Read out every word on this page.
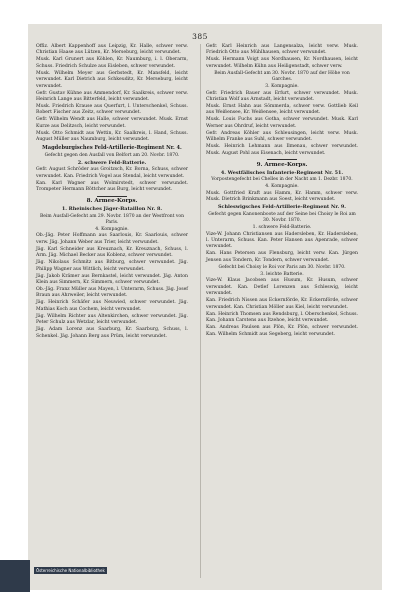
385
Offiz. Albert Kappenhoff aus Leipzig, Kr. Halle, schwer verw. Christian Haase aus Lützen, Kr. Merseburg, leicht verwundet.
Musk. Karl Grunert aus Köhlen, Kr. Naumburg, i. l. Oberarm, Schuss. Friedrich Schulze aus Eisleben, schwer verwundet.
Musk. Wilhelm Meyer aus Gerbstedt, Kr. Mansfeld, leicht verwundet. Karl Dietrich aus Schkeuditz, Kr. Merseburg, leicht verwundet.
Gefr. Gustav Kühne aus Ammendorf, Kr. Saalkreis, schwer verw. Heinrich Lange aus Bitterfeld, leicht verwundet.
Musk. Friedrich Krause aus Querfurt, l. Unterschenkel, Schuss. Robert Fischer aus Zeitz, schwer verwundet.
Gefr. Wilhelm Wendt aus Halle, schwer verwundet. Musk. Ernst Kurze aus Delitzsch, leicht verwundet.
Musk. Otto Schmidt aus Wettin, Kr. Saalkreis, l. Hand, Schuss. August Müller aus Naumburg, leicht verwundet.
Magdeburgisches Feld-Artillerie-Regiment Nr. 4.
Gefecht gegen den Ausfall von Belfort am 20. Novbr. 1870.
2. schwere Feld-Batterie.
Gefr. August Schröder aus Groitzsch, Kr. Borna, Schuss, schwer verwundet. Kan. Friedrich Vogel aus Stendal, leicht verwundet.
Kan. Karl Wagner aus Wolmirstedt, schwer verwundet. Trompeter Hermann Böttcher aus Burg, leicht verwundet.
8. Armee-Korps.
1. Rheinisches Jäger-Bataillon Nr. 8.
Beim Ausfall-Gefecht am 29. Novbr. 1870 an der Westfront von Paris.
4. Kompagnie.
Ob.-Jäg. Peter Hoffmann aus Saarlouis, Kr. Saarlouis, schwer verw. Jäg. Johann Weber aus Trier, leicht verwundet.
Jäg. Karl Schneider aus Kreuznach, Kr. Kreuznach, Schuss, l. Arm. Jäg. Michael Becker aus Koblenz, schwer verwundet.
Jäg. Nikolaus Schmitz aus Bitburg, schwer verwundet. Jäg. Philipp Wagner aus Wittlich, leicht verwundet.
Jäg. Jakob Krämer aus Bernkastel, leicht verwundet. Jäg. Anton Klein aus Simmern, Kr. Simmern, schwer verwundet.
Ob.-Jäg. Franz Müller aus Mayen, l. Unterarm, Schuss. Jäg. Josef Braun aus Ahrweiler, leicht verwundet.
Jäg. Heinrich Schäfer aus Neuwied, schwer verwundet. Jäg. Mathias Koch aus Cochem, leicht verwundet.
Jäg. Wilhelm Richter aus Altenkirchen, schwer verwundet. Jäg. Peter Schulz aus Wetzlar, leicht verwundet.
Jäg. Adam Lorenz aus Saarburg, Kr. Saarburg, Schuss, l. Schenkel. Jäg. Johann Berg aus Prüm, leicht verwundet.
Gefr. Karl Heinrich aus Langensalza, leicht verw. Musk. Friedrich Otto aus Mühlhausen, schwer verwundet.
Musk. Hermann Voigt aus Nordhausen, Kr. Nordhausen, leicht verwundet. Wilhelm Kühn aus Heiligenstadt, schwer verw.
Beim Ausfall-Gefecht am 30. Novbr. 1870 auf der Höhe von Garches.
3. Kompagnie.
Gefr. Friedrich Bauer aus Erfurt, schwer verwundet. Musk. Christian Wolf aus Arnstadt, leicht verwundet.
Musk. Ernst Hahn aus Sömmerda, schwer verw. Gottlieb Keil aus Weißensee, Kr. Weißensee, leicht verwundet.
Musk. Louis Fuchs aus Gotha, schwer verwundet. Musk. Karl Werner aus Ohrdruf, leicht verwundet.
Gefr. Andreas Köhler aus Schleusingen, leicht verw. Musk. Wilhelm Franke aus Suhl, schwer verwundet.
Musk. Heinrich Lehmann aus Ilmenau, schwer verwundet. Musk. August Pohl aus Eisenach, leicht verwundet.
9. Armee-Korps.
4. Westfälisches Infanterie-Regiment Nr. 51.
Vorpostengefecht bei Chelles in der Nacht am 1. Dezbr. 1870.
4. Kompagnie.
Musk. Gottfried Kraft aus Hamm, Kr. Hamm, schwer verw. Musk. Dietrich Brinkmann aus Soest, leicht verwundet.
Schleswigsches Feld-Artillerie-Regiment Nr. 9.
Gefecht gegen Kanonenboote auf der Seine bei Choisy le Roi am 30. Novbr. 1870.
1. schwere Feld-Batterie.
Vize-W. Johann Christiansen aus Hadersleben, Kr. Hadersleben, l. Unterarm, Schuss. Kan. Peter Hansen aus Apenrade, schwer verwundet.
Kan. Hans Petersen aus Flensburg, leicht verw. Kan. Jürgen Jensen aus Tondern, Kr. Tondern, schwer verwundet.
Gefecht bei Choisy le Roi vor Paris am 30. Novbr. 1870.
3. leichte Batterie.
Vize-W. Klaus Jacobsen aus Husum, Kr. Husum, schwer verwundet. Kan. Detlef Lorenzen aus Schleswig, leicht verwundet.
Kan. Friedrich Nissen aus Eckernförde, Kr. Eckernförde, schwer verwundet. Kan. Christian Möller aus Kiel, leicht verwundet.
Kan. Heinrich Thomsen aus Rendsburg, l. Oberschenkel, Schuss. Kan. Johann Carstens aus Itzehoe, leicht verwundet.
Kan. Andreas Paulsen aus Plön, Kr. Plön, schwer verwundet. Kan. Wilhelm Schmidt aus Segeberg, leicht verwundet.
Österreichische Nationalbibliothek
